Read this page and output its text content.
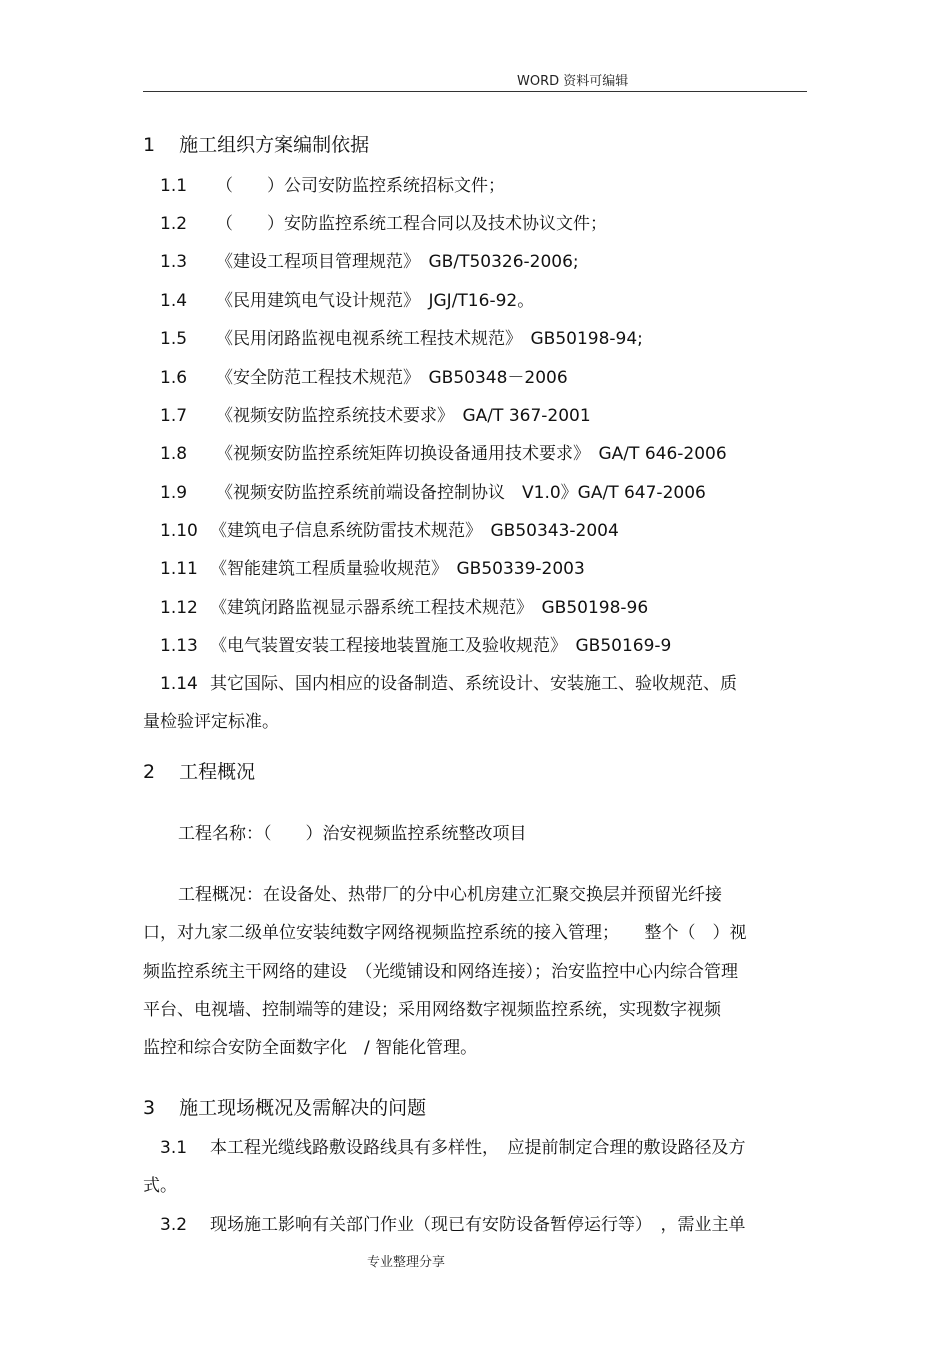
WORD 资料可编辑
1 施工组织方案编制依据
1.1 （　　）公司安防监控系统招标文件；
1.2 （　　）安防监控系统工程合同以及技术协议文件；
1.3 《建设工程项目管理规范》　GB/T50326-2006;
1.4 《民用建筑电气设计规范》　JGJ/T16-92。
1.5 《民用闭路监视电视系统工程技术规范》　GB50198-94;
1.6 《安全防范工程技术规范》　GB50348－2006
1.7 《视频安防监控系统技术要求》　GA/T 367-2001
1.8 《视频安防监控系统矩阵切换设备通用技术要求》　GA/T 646-2006
1.9 《视频安防监控系统前端设备控制协议　V1.0》GA/T 647-2006
1.10 《建筑电子信息系统防雷技术规范》　GB50343-2004
1.11 《智能建筑工程质量验收规范》　GB50339-2003
1.12 《建筑闭路监视显示器系统工程技术规范》　GB50198-96
1.13 《电气装置安装工程接地装置施工及验收规范》　GB50169-9
1.14 其它国际、国内相应的设备制造、系统设计、安装施工、验收规范、质
量检验评定标准。
2 工程概况
工程名称：（　　）治安视频监控系统整改项目
工程概况：在设备处、热带厂的分中心机房建立汇聚交换层并预留光纤接
口，对九家二级单位安装纯数字网络视频监控系统的接入管理；　　整个（　）视
频监控系统主干网络的建设　（光缆铺设和网络连接）；治安监控中心内综合管理
平台、电视墙、控制端等的建设；采用网络数字视频监控系统，实现数字视频
监控和综合安防全面数字化　/ 智能化管理。
3 施工现场概况及需解决的问题
3.1 本工程光缆线路敷设路线具有多样性，　应提前制定合理的敷设路径及方
式。
3.2 现场施工影响有关部门作业（现已有安防设备暂停运行等）　，需业主单
专业整理分享
